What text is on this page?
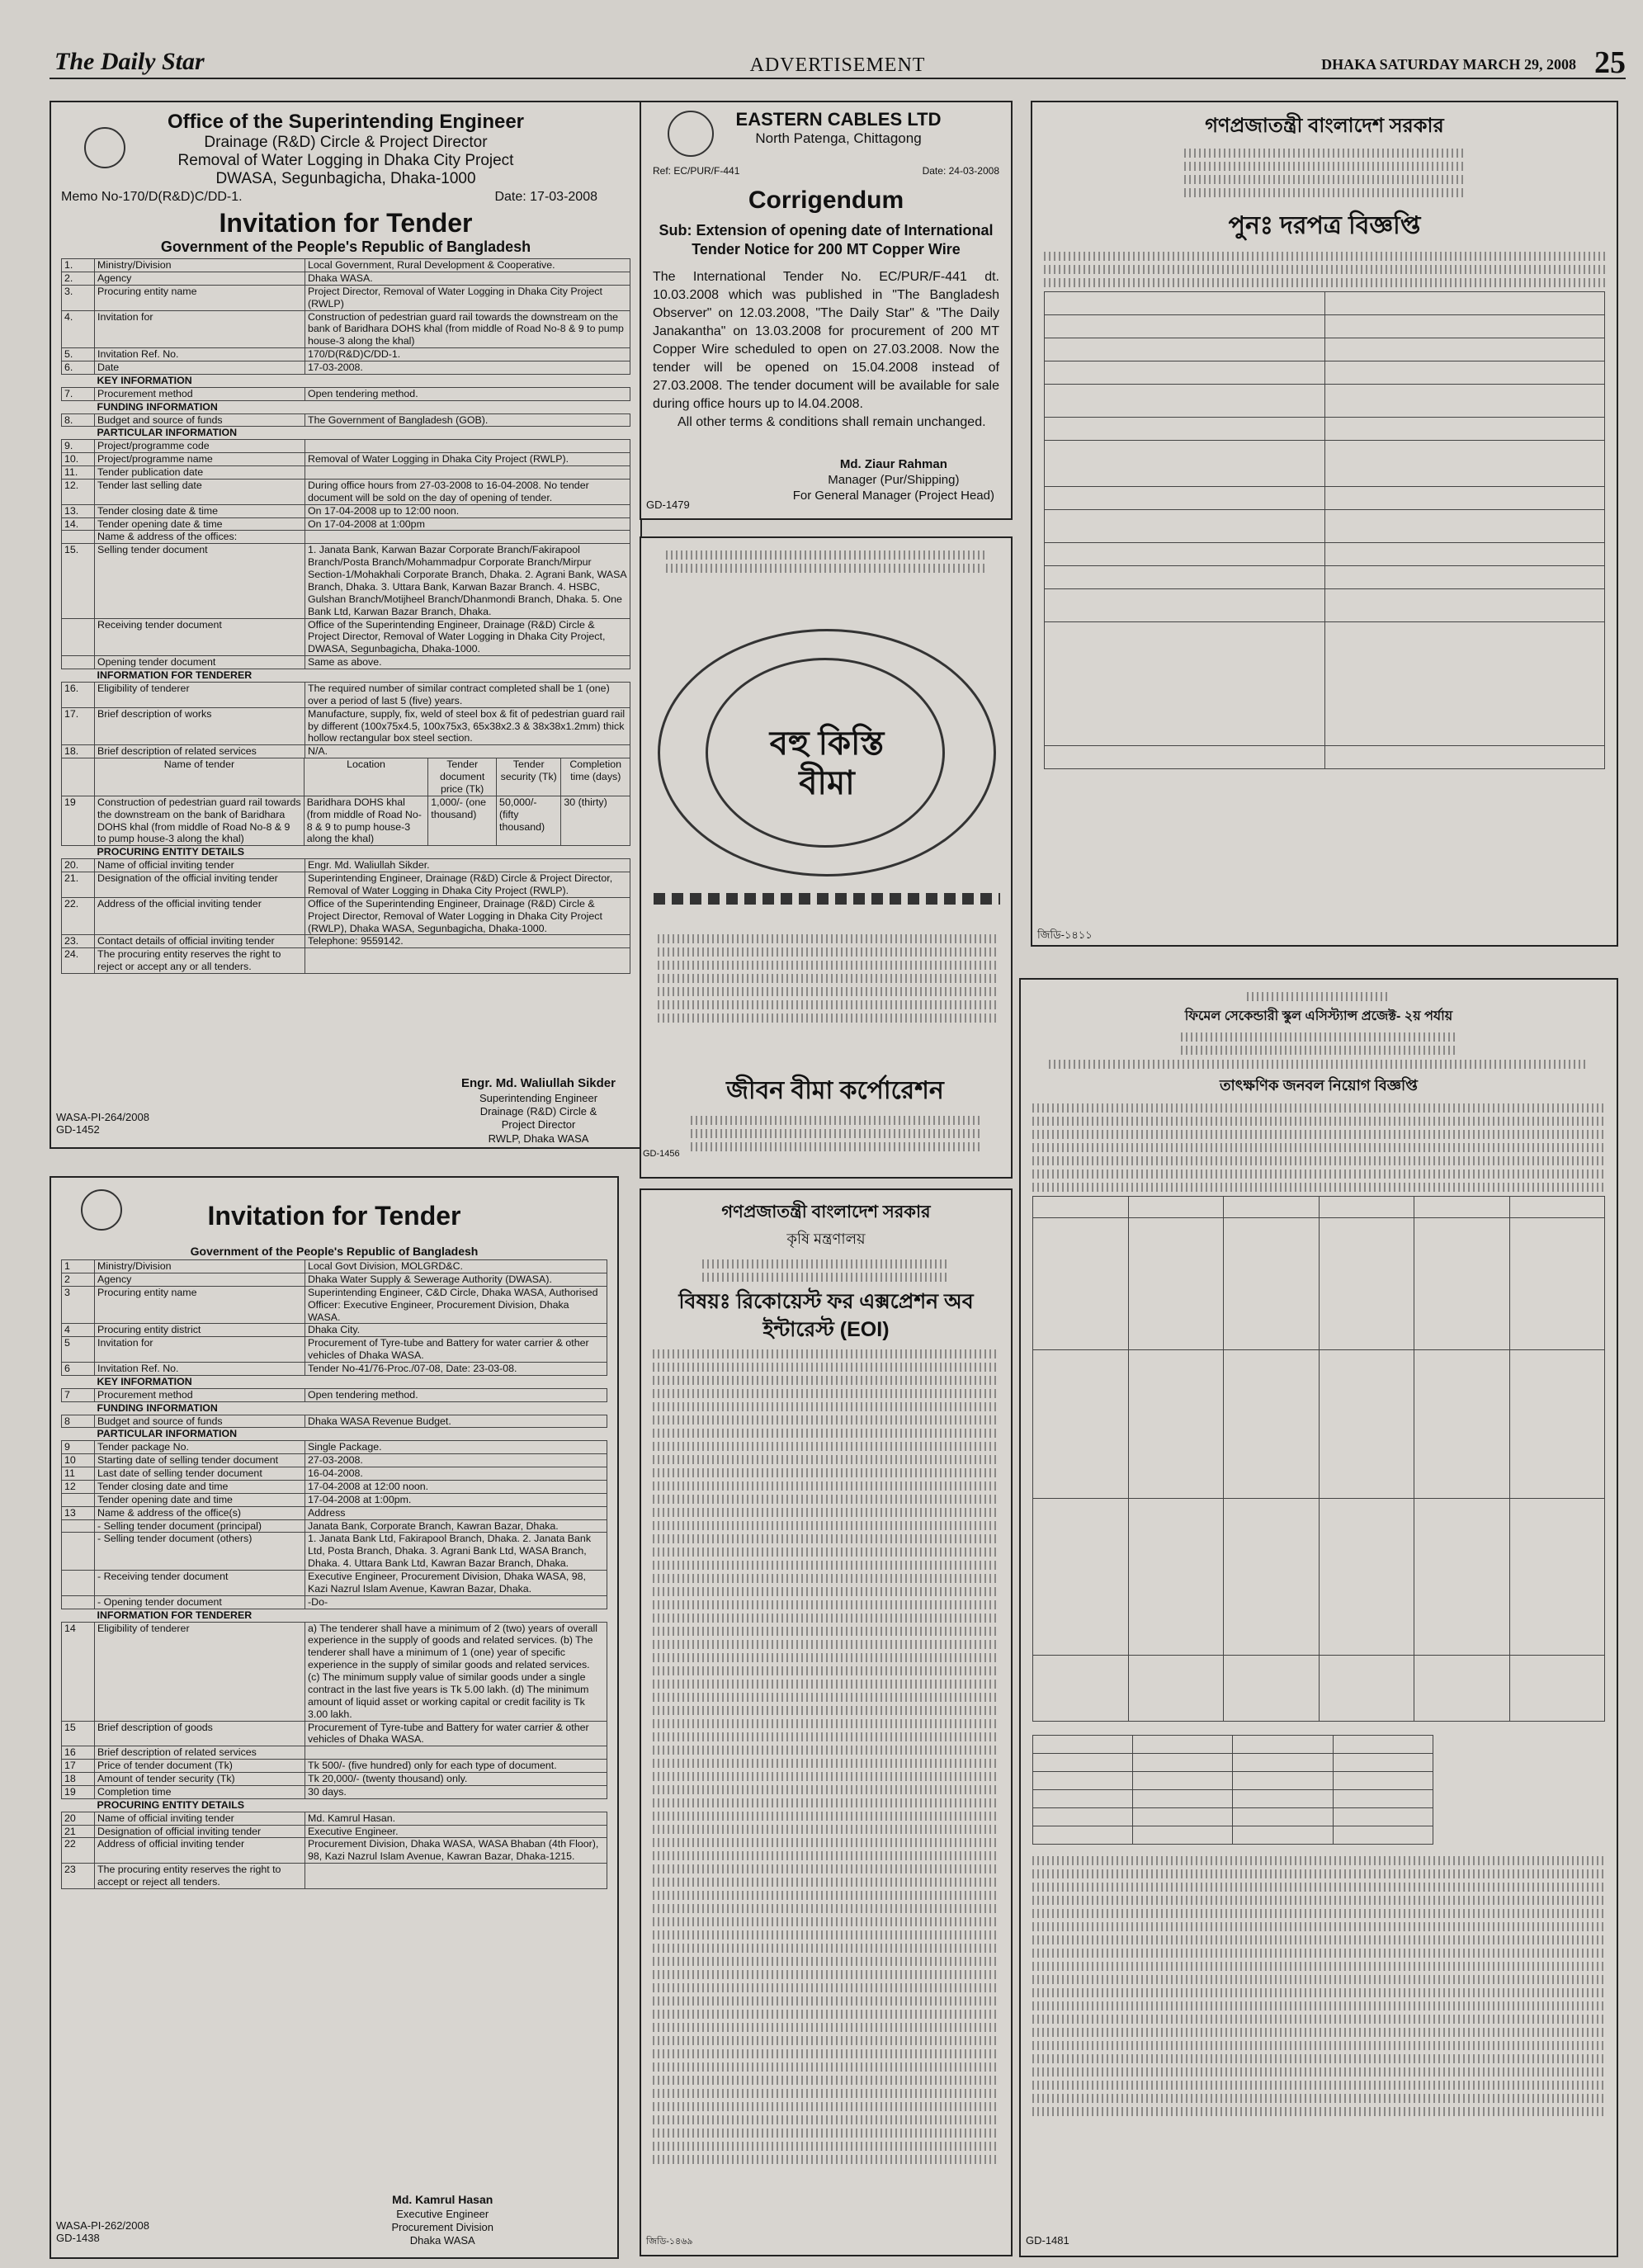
The Daily Star	ADVERTISEMENT	DHAKA SATURDAY MARCH 29, 2008 25
Office of the Superintending Engineer
Drainage (R&D) Circle & Project Director
Removal of Water Logging in Dhaka City Project
DWASA, Segunbagicha, Dhaka-1000
Memo No-170/D(R&D)C/DD-1.	Date: 17-03-2008
Invitation for Tender
Government of the People's Republic of Bangladesh
1.	Ministry/Division	Local Government, Rural Development & Cooperative.
2.	Agency	Dhaka WASA.
3.	Procuring entity name	Project Director, Removal of Water Logging in Dhaka City Project (RWLP)
4.	Invitation for	Construction of pedestrian guard rail towards the downstream on the bank of Baridhara DOHS khal (from middle of Road No-8 & 9 to pump house-3 along the khal)
5.	Invitation Ref. No.	170/D(R&D)C/DD-1.
6.	Date	17-03-2008.
	KEY INFORMATION	
7.	Procurement method	Open tendering method.
	FUNDING INFORMATION	
8.	Budget and source of funds	The Government of Bangladesh (GOB).
	PARTICULAR INFORMATION	
9.	Project/programme code	
10.	Project/programme name	Removal of Water Logging in Dhaka City Project (RWLP).
11.	Tender publication date	
12.	Tender last selling date	During office hours from 27-03-2008 to 16-04-2008. No tender document will be sold on the day of opening of tender.
13.	Tender closing date & time	On 17-04-2008 up to 12:00 noon.
14.	Tender opening date & time	On 17-04-2008 at 1:00pm
	Name & address of the offices:	
15.	Selling tender document	1. Janata Bank, Karwan Bazar Corporate Branch/Fakirapool Branch/Posta Branch/Mohammadpur Corporate Branch/Mirpur Section-1/Mohakhali Corporate Branch, Dhaka. 2. Agrani Bank, WASA Branch, Dhaka. 3. Uttara Bank, Karwan Bazar Branch. 4. HSBC, Gulshan Branch/Motijheel Branch/Dhanmondi Branch, Dhaka. 5. One Bank Ltd, Karwan Bazar Branch, Dhaka.
	Receiving tender document	Office of the Superintending Engineer, Drainage (R&D) Circle & Project Director, Removal of Water Logging in Dhaka City Project, DWASA, Segunbagicha, Dhaka-1000.
	Opening tender document	Same as above.
	INFORMATION FOR TENDERER	
16.	Eligibility of tenderer	The required number of similar contract completed shall be 1 (one) over a period of last 5 (five) years.
17.	Brief description of works	Manufacture, supply, fix, weld of steel box & fit of pedestrian guard rail by different (100x75x4.5, 100x75x3, 65x38x2.3 & 38x38x1.2mm) thick hollow rectangular box steel section.
18.	Brief description of related services	N/A.
	Name of tender	Location	Tender document price (Tk)	Tender security (Tk)	Completion time (days)
19	Construction of pedestrian guard rail towards the downstream on the bank of Baridhara DOHS khal (from middle of Road No-8 & 9 to pump house-3 along the khal)	Baridhara DOHS khal (from middle of Road No-8 & 9 to pump house-3 along the khal)	1,000/- (one thousand)	50,000/- (fifty thousand)	30 (thirty)
	PROCURING ENTITY DETAILS	
20.	Name of official inviting tender	Engr. Md. Waliullah Sikder.
21.	Designation of the official inviting tender	Superintending Engineer, Drainage (R&D) Circle & Project Director, Removal of Water Logging in Dhaka City Project (RWLP).
22.	Address of the official inviting tender	Office of the Superintending Engineer, Drainage (R&D) Circle & Project Director, Removal of Water Logging in Dhaka City Project (RWLP), Dhaka WASA, Segunbagicha, Dhaka-1000.
23.	Contact details of official inviting tender	Telephone: 9559142.
24.	The procuring entity reserves the right to reject or accept any or all tenders.	
Engr. Md. Waliullah Sikder
Superintending Engineer
Drainage (R&D) Circle &
Project Director
RWLP, Dhaka WASA
WASA-PI-264/2008
GD-1452
EASTERN CABLES LTD
North Patenga, Chittagong
Ref: EC/PUR/F-441	Date: 24-03-2008
Corrigendum
Sub: Extension of opening date of International Tender Notice for 200 MT Copper Wire
The International Tender No. EC/PUR/F-441 dt. 10.03.2008 which was published in "The Bangladesh Observer" on 12.03.2008, "The Daily Star" & "The Daily Janakantha" on 13.03.2008 for procurement of 200 MT Copper Wire scheduled to open on 27.03.2008. Now the tender will be opened on 15.04.2008 instead of 27.03.2008. The tender document will be available for sale during office hours up to l4.04.2008.
All other terms & conditions shall remain unchanged.
Md. Ziaur Rahman
Manager (Pur/Shipping)
For General Manager (Project Head)
GD-1479
বহু কিস্তি বীমা
জীবন বীমা কর্পোরেশন
GD-1456
গণপ্রজাতন্ত্রী বাংলাদেশ সরকার
পুনঃ দরপত্র বিজ্ঞপ্তি

জিডি-১৪১১
গণপ্রজাতন্ত্রী বাংলাদেশ সরকার
কৃষি মন্ত্রণালয়
বিষয়ঃ রিকোয়েস্ট ফর এক্সপ্রেশন অব ইন্টারেস্ট (EOI)
জিডি-১৪৬৯
Invitation for Tender
Government of the People's Republic of Bangladesh
1	Ministry/Division	Local Govt Division, MOLGRD&C.
2	Agency	Dhaka Water Supply & Sewerage Authority (DWASA).
3	Procuring entity name	Superintending Engineer, C&D Circle, Dhaka WASA, Authorised Officer: Executive Engineer, Procurement Division, Dhaka WASA.
4	Procuring entity district	Dhaka City.
5	Invitation for	Procurement of Tyre-tube and Battery for water carrier & other vehicles of Dhaka WASA.
6	Invitation Ref. No.	Tender No-41/76-Proc./07-08, Date: 23-03-08.
	KEY INFORMATION	
7	Procurement method	Open tendering method.
	FUNDING INFORMATION	
8	Budget and source of funds	Dhaka WASA Revenue Budget.
	PARTICULAR INFORMATION	
9	Tender package No.	Single Package.
10	Starting date of selling tender document	27-03-2008.
11	Last date of selling tender document	16-04-2008.
12	Tender closing date and time	17-04-2008 at 12:00 noon.
	Tender opening date and time	17-04-2008 at 1:00pm.
13	Name & address of the office(s)	Address
	- Selling tender document (principal)	Janata Bank, Corporate Branch, Kawran Bazar, Dhaka.
	- Selling tender document (others)	1. Janata Bank Ltd, Fakirapool Branch, Dhaka. 2. Janata Bank Ltd, Posta Branch, Dhaka. 3. Agrani Bank Ltd, WASA Branch, Dhaka. 4. Uttara Bank Ltd, Kawran Bazar Branch, Dhaka.
	- Receiving tender document	Executive Engineer, Procurement Division, Dhaka WASA, 98, Kazi Nazrul Islam Avenue, Kawran Bazar, Dhaka.
	- Opening tender document	-Do-
	INFORMATION FOR TENDERER	
14	Eligibility of tenderer	a) The tenderer shall have a minimum of 2 (two) years of overall experience in the supply of goods and related services. (b) The tenderer shall have a minimum of 1 (one) year of specific experience in the supply of similar goods and related services. (c) The minimum supply value of similar goods under a single contract in the last five years is Tk 5.00 lakh. (d) The minimum amount of liquid asset or working capital or credit facility is Tk 3.00 lakh.
15	Brief description of goods	Procurement of Tyre-tube and Battery for water carrier & other vehicles of Dhaka WASA.
16	Brief description of related services	
17	Price of tender document (Tk)	Tk 500/- (five hundred) only for each type of document.
18	Amount of tender security (Tk)	Tk 20,000/- (twenty thousand) only.
19	Completion time	30 days.
	PROCURING ENTITY DETAILS	
20	Name of official inviting tender	Md. Kamrul Hasan.
21	Designation of official inviting tender	Executive Engineer.
22	Address of official inviting tender	Procurement Division, Dhaka WASA, WASA Bhaban (4th Floor), 98, Kazi Nazrul Islam Avenue, Kawran Bazar, Dhaka-1215.
23	The procuring entity reserves the right to accept or reject all tenders.	
Md. Kamrul Hasan
Executive Engineer
Procurement Division
Dhaka WASA
WASA-PI-262/2008
GD-1438
ফিমেল সেকেন্ডারী স্কুল এসিস্ট্যান্স প্রজেক্ট- ২য় পর্যায়
তাৎক্ষণিক জনবল নিয়োগ বিজ্ঞপ্তি

GD-1481
